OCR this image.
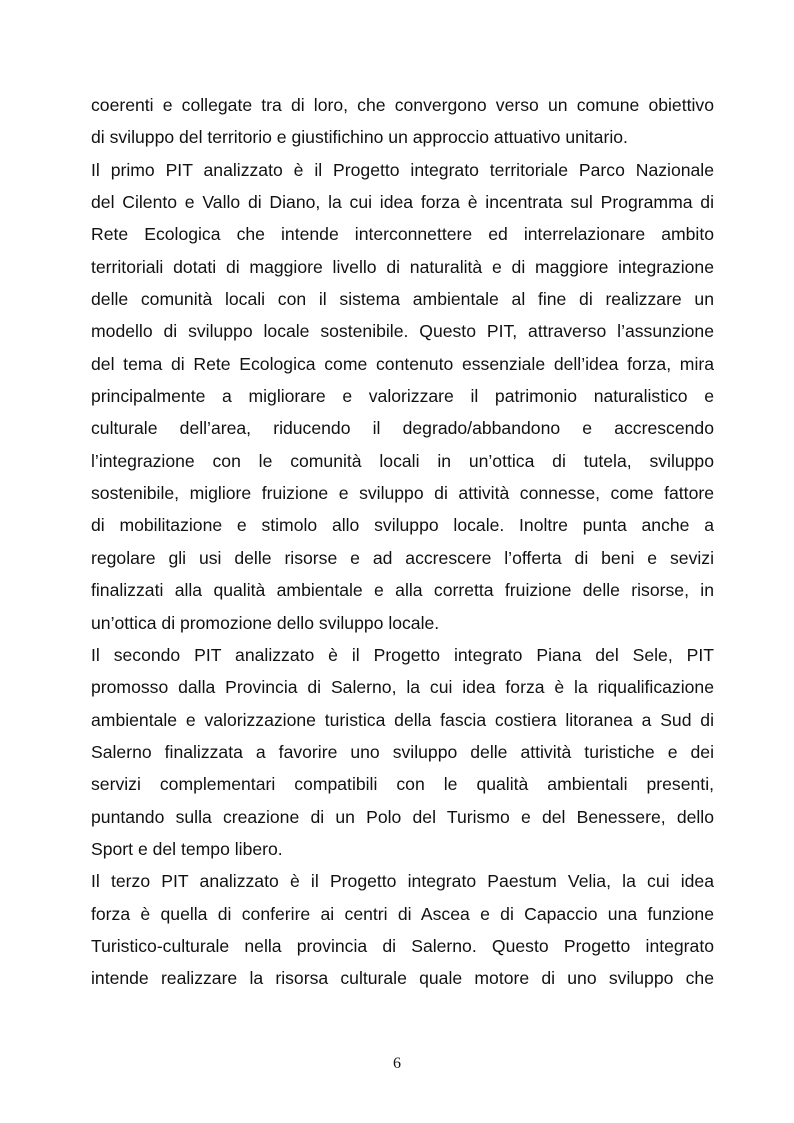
coerenti e collegate tra di loro, che convergono verso un comune obiettivo
di sviluppo del territorio e giustifichino un approccio attuativo unitario.
Il primo PIT analizzato è il Progetto integrato territoriale Parco Nazionale
del Cilento e Vallo di Diano, la cui idea forza è incentrata sul Programma di
Rete Ecologica che intende interconnettere ed interrelazionare ambito
territoriali dotati di maggiore livello di naturalità e di maggiore integrazione
delle comunità locali con il sistema ambientale al fine di realizzare un
modello di sviluppo locale sostenibile. Questo PIT, attraverso l’assunzione
del tema di Rete Ecologica come contenuto essenziale dell’idea forza, mira
principalmente a migliorare e valorizzare il patrimonio naturalistico e
culturale dell’area, riducendo il degrado/abbandono e accrescendo
l’integrazione con le comunità locali in un’ottica di tutela, sviluppo
sostenibile, migliore fruizione e sviluppo di attività connesse, come fattore
di mobilitazione e stimolo allo sviluppo locale. Inoltre punta anche a
regolare gli usi delle risorse e ad accrescere l’offerta di beni e sevizi
finalizzati alla qualità ambientale e alla corretta fruizione delle risorse, in
un’ottica di promozione dello sviluppo locale.
Il secondo PIT analizzato è il Progetto integrato Piana del Sele, PIT
promosso dalla Provincia di Salerno, la cui idea forza è la riqualificazione
ambientale e valorizzazione turistica della fascia costiera litoranea a Sud di
Salerno finalizzata a favorire uno sviluppo delle attività turistiche e dei
servizi complementari compatibili con le qualità ambientali presenti,
puntando sulla creazione di un Polo del Turismo e del Benessere, dello
Sport e del tempo libero.
Il terzo PIT analizzato è il Progetto integrato Paestum Velia, la cui idea
forza è quella di conferire ai centri di Ascea e di Capaccio una funzione
Turistico-culturale nella provincia di Salerno. Questo Progetto integrato
intende realizzare la risorsa culturale quale motore di uno sviluppo che
6
